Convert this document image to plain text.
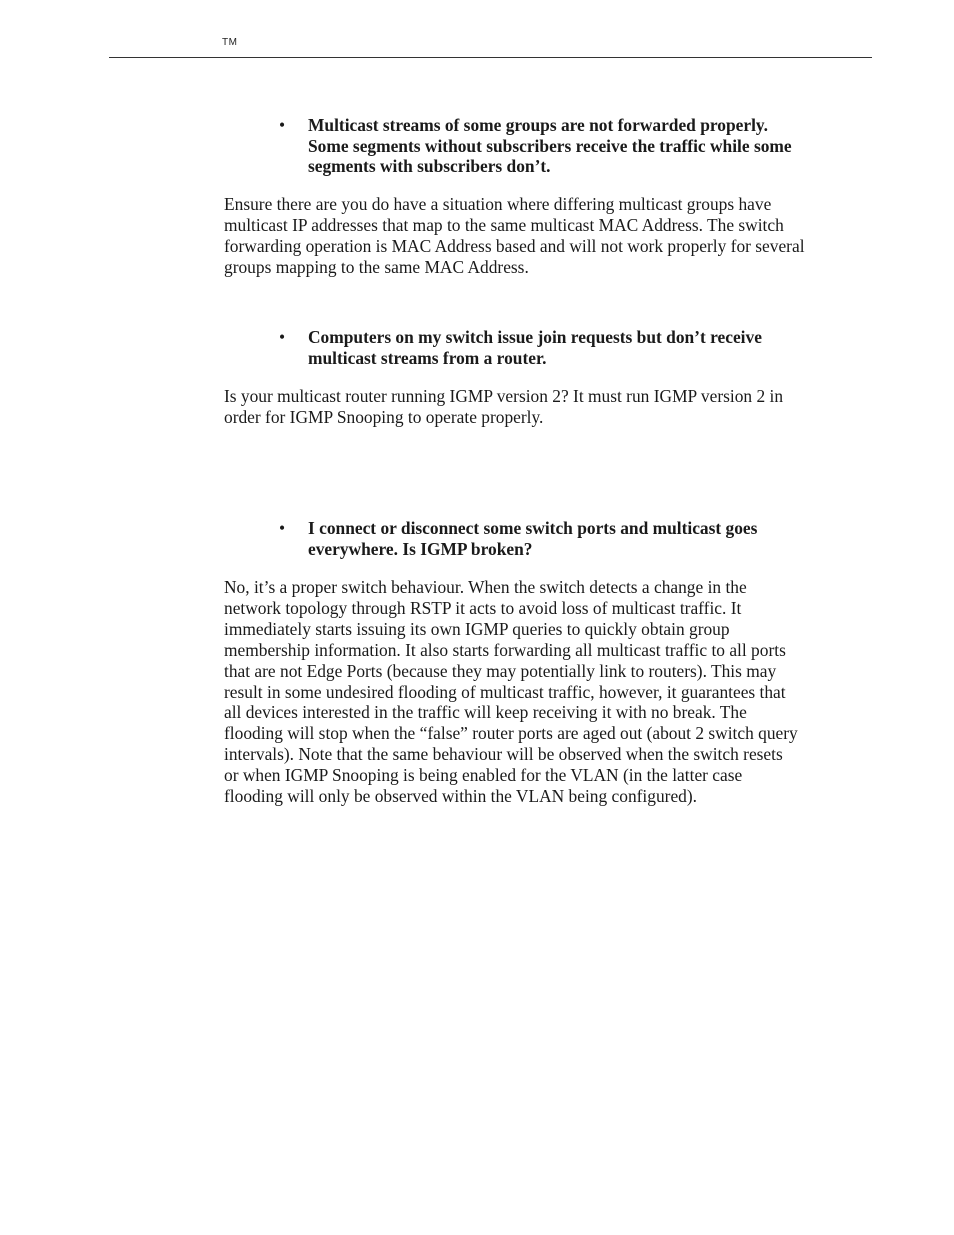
TM
• Multicast streams of some groups are not forwarded properly.
Some segments without subscribers receive the traffic while some
segments with subscribers don’t.
Ensure there are you do have a situation where differing multicast groups have
multicast IP addresses that map to the same multicast MAC Address. The switch
forwarding operation is MAC Address based and will not work properly for several
groups mapping to the same MAC Address.
• Computers on my switch issue join requests but don’t receive
multicast streams from a router.
Is your multicast router running IGMP version 2? It must run IGMP version 2 in
order for IGMP Snooping to operate properly.
• I connect or disconnect some switch ports and multicast goes
everywhere. Is IGMP broken?
No, it’s a proper switch behaviour. When the switch detects a change in the
network topology through RSTP it acts to avoid loss of multicast traffic. It
immediately starts issuing its own IGMP queries to quickly obtain group
membership information. It also starts forwarding all multicast traffic to all ports
that are not Edge Ports (because they may potentially link to routers). This may
result in some undesired flooding of multicast traffic, however, it guarantees that
all devices interested in the traffic will keep receiving it with no break. The
flooding will stop when the “false” router ports are aged out (about 2 switch query
intervals). Note that the same behaviour will be observed when the switch resets
or when IGMP Snooping is being enabled for the VLAN (in the latter case
flooding will only be observed within the VLAN being configured).
